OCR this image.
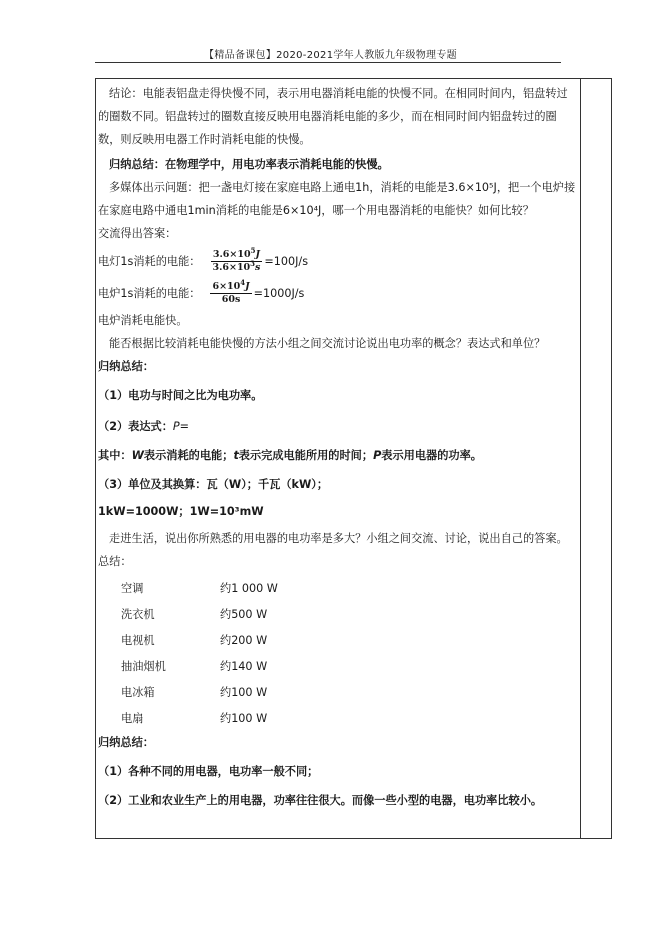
【精品备课包】2020-2021学年人教版九年级物理专题

结论：电能表铝盘走得快慢不同，表示用电器消耗电能的快慢不同。在相同时间内，铝盘转过的圈数不同。铝盘转过的圈数直接反映用电器消耗电能的多少，而在相同时间内铝盘转过的圈数，则反映用电器工作时消耗电能的快慢。

归纳总结：在物理学中，用电功率表示消耗电能的快慢。

多媒体出示问题：把一盏电灯接在家庭电路上通电1h，消耗的电能是3.6×10⁵J，把一个电炉接在家庭电路中通电1min消耗的电能是6×10⁴J，哪一个用电器消耗的电能快？如何比较？

交流得出答案：

电灯1s消耗的电能： $\frac{3.6\times 10^5J}{3.6\times 10^3s} =100J/s$
电炉1s消耗的电能： $\frac{6\times 10^4J}{60s} =1000J/s$

电炉消耗电能快。

能否根据比较消耗电能快慢的方法小组之间交流讨论说出电功率的概念？表达式和单位？

归纳总结：

（1）电功与时间之比为电功率。

（2）表达式：P=

其中：W表示消耗的电能；t表示完成电能所用的时间；P表示用电器的功率。

（3）单位及其换算：瓦（W）；千瓦（kW）；

1kW=1000W；1W=10³mW

走进生活，说出你所熟悉的用电器的电功率是多大？小组之间交流、讨论，说出自己的答案。

总结：

空调	约1 000 W
洗衣机	约500 W
电视机	约200 W
抽油烟机	约140 W
电冰箱	约100 W
电扇	约100 W

归纳总结：

（1）各种不同的用电器，电功率一般不同；

（2）工业和农业生产上的用电器，功率往往很大。而像一些小型的电器，电功率比较小。
